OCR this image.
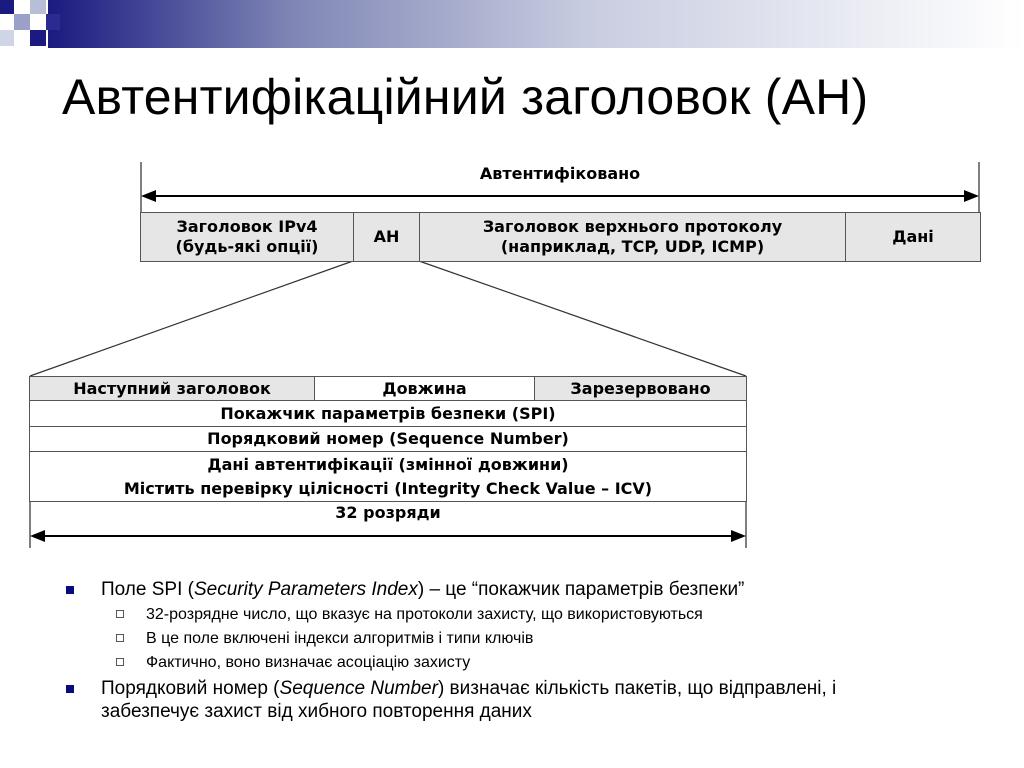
Автентифікаційний заголовок (AH)
Автентифіковано
Заголовок IPv4
(будь-які опції)
AH
Заголовок верхнього протоколу
(наприклад, TCP, UDP, ICMP)
Дані
Наступний заголовок	Довжина	Зарезервовано
Покажчик параметрів безпеки (SPI)
Порядковий номер (Sequence Number)
Дані автентифікації (змінної довжини)
Містить перевірку цілісності (Integrity Check Value – ICV)
32 розряди
Поле SPI (Security Parameters Index) – це “покажчик параметрів безпеки”
32-розрядне число, що вказує на протоколи захисту, що використовуються
В це поле включені індекси алгоритмів і типи ключів
Фактично, воно визначає асоціацію захисту
Порядковий номер (Sequence Number) визначає кількість пакетів, що відправлені, і забезпечує захист від хибного повторення даних
